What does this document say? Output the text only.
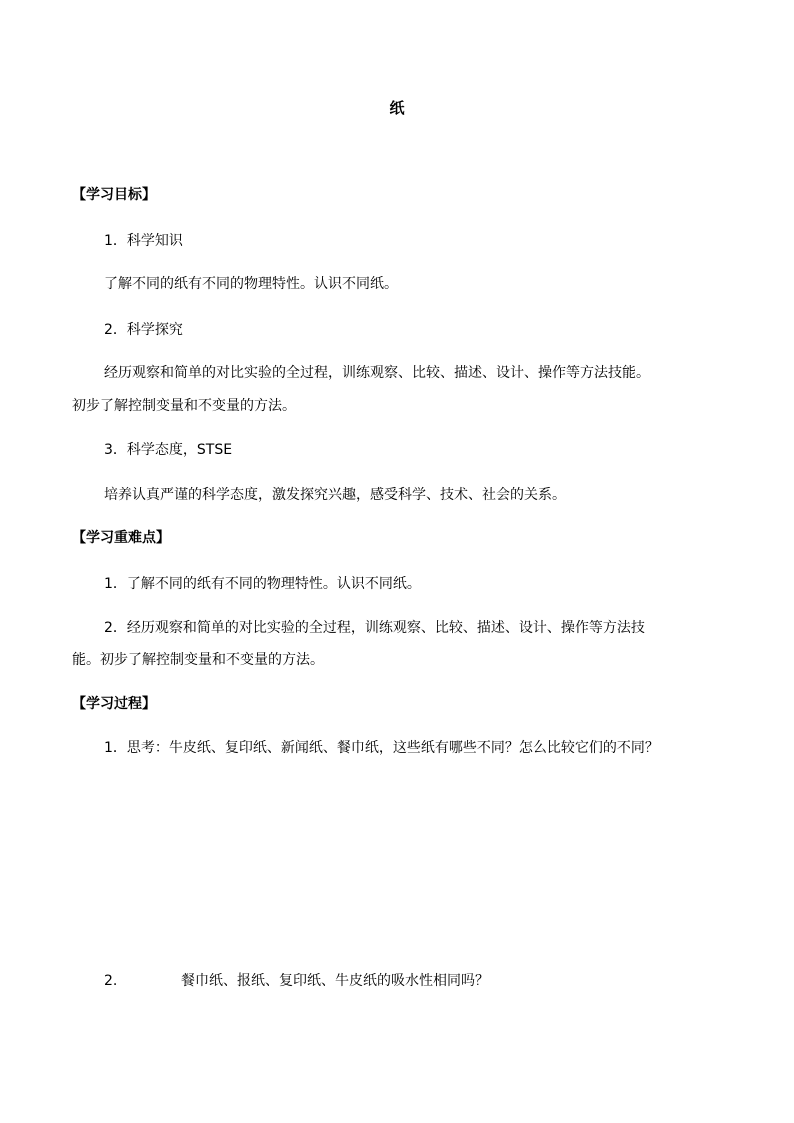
纸
【学习目标】
1．科学知识
了解不同的纸有不同的物理特性。认识不同纸。
2．科学探究
经历观察和简单的对比实验的全过程，训练观察、比较、描述、设计、操作等方法技能。
初步了解控制变量和不变量的方法。
3．科学态度，STSE
培养认真严谨的科学态度，激发探究兴趣，感受科学、技术、社会的关系。
【学习重难点】
1．了解不同的纸有不同的物理特性。认识不同纸。
2．经历观察和简单的对比实验的全过程，训练观察、比较、描述、设计、操作等方法技
能。初步了解控制变量和不变量的方法。
【学习过程】
1．思考：牛皮纸、复印纸、新闻纸、餐巾纸，这些纸有哪些不同？怎么比较它们的不同？
2.	餐巾纸、报纸、复印纸、牛皮纸的吸水性相同吗？
